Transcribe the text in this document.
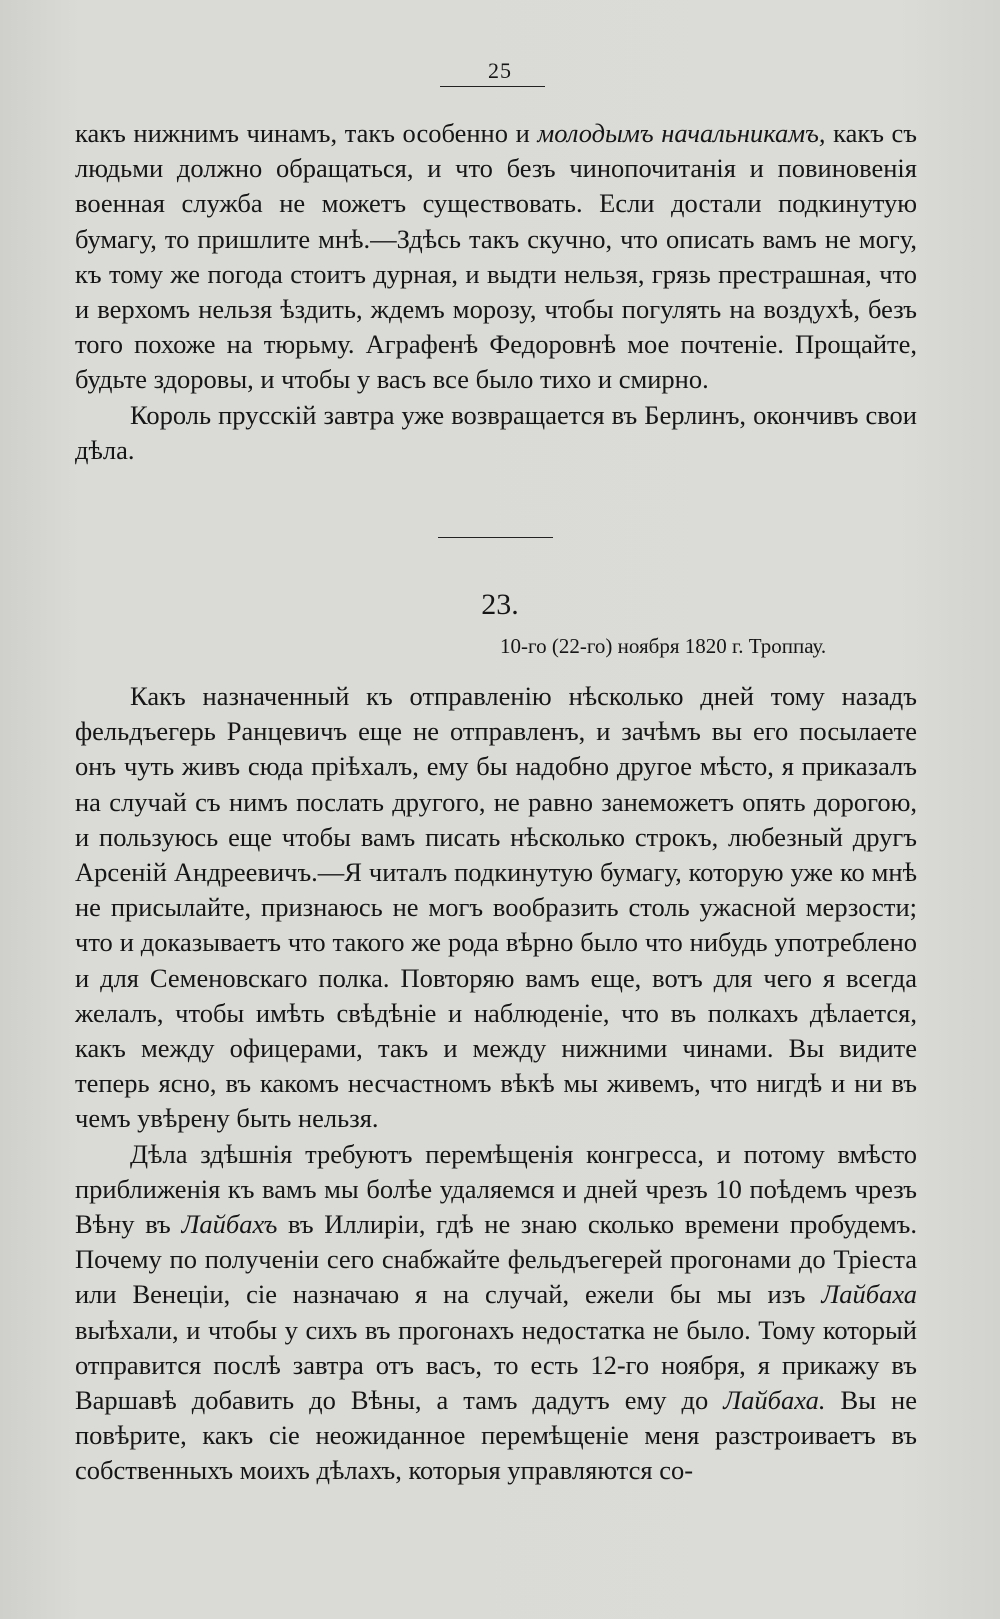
25

какъ нижнимъ чинамъ, такъ особенно и молодымъ начальникамъ, какъ съ людьми должно обращаться, и что безъ чинопочитанія и повиновенія военная служба не можетъ существовать. Если достали подкинутую бумагу, то пришлите мнѣ.—Здѣсь такъ скучно, что описать вамъ не могу, къ тому же погода стоитъ дурная, и выдти нельзя, грязь престрашная, что и верхомъ нельзя ѣздить, ждемъ морозу, чтобы погулять на воздухѣ, безъ того похоже на тюрьму. Аграфенѣ Федоровнѣ мое почтеніе. Прощайте, будьте здоровы, и чтобы у васъ все было тихо и смирно.

Король прусскій завтра уже возвращается въ Берлинъ, окончивъ свои дѣла.

23.
10-го (22-го) ноября 1820 г. Троппау.

Какъ назначенный къ отправленію нѣсколько дней тому назадъ фельдъегерь Ранцевичъ еще не отправленъ, и зачѣмъ вы его посылаете онъ чуть живъ сюда пріѣхалъ, ему бы надобно другое мѣсто, я приказалъ на случай съ нимъ послать другого, не равно занеможетъ опять дорогою, и пользуюсь еще чтобы вамъ писать нѣсколько строкъ, любезный другъ Арсеній Андреевичъ.—Я читалъ подкинутую бумагу, которую уже ко мнѣ не присылайте, признаюсь не могъ вообразить столь ужасной мерзости; что и доказываетъ что такого же рода вѣрно было что нибудь употреблено и для Семеновскаго полка. Повторяю вамъ еще, вотъ для чего я всегда желалъ, чтобы имѣть свѣдѣніе и наблюденіе, что въ полкахъ дѣлается, какъ между офицерами, такъ и между нижними чинами. Вы видите теперь ясно, въ какомъ несчастномъ вѣкѣ мы живемъ, что нигдѣ и ни въ чемъ увѣрену быть нельзя.

Дѣла здѣшнія требуютъ перемѣщенія конгресса, и потому вмѣсто приближенія къ вамъ мы болѣе удаляемся и дней чрезъ 10 поѣдемъ чрезъ Вѣну въ Лайбахъ въ Иллиріи, гдѣ не знаю сколько времени пробудемъ. Почему по полученіи сего снабжайте фельдъегерей прогонами до Тріеста или Венеціи, сіе назначаю я на случай, ежели бы мы изъ Лайбаха выѣхали, и чтобы у сихъ въ прогонахъ недостатка не было. Тому который отправится послѣ завтра отъ васъ, то есть 12-го ноября, я прикажу въ Варшавѣ добавить до Вѣны, а тамъ дадутъ ему до Лайбаха. Вы не повѣрите, какъ сіе неожиданное перемѣщеніе меня разстроиваетъ въ собственныхъ моихъ дѣлахъ, которыя управляются со-
